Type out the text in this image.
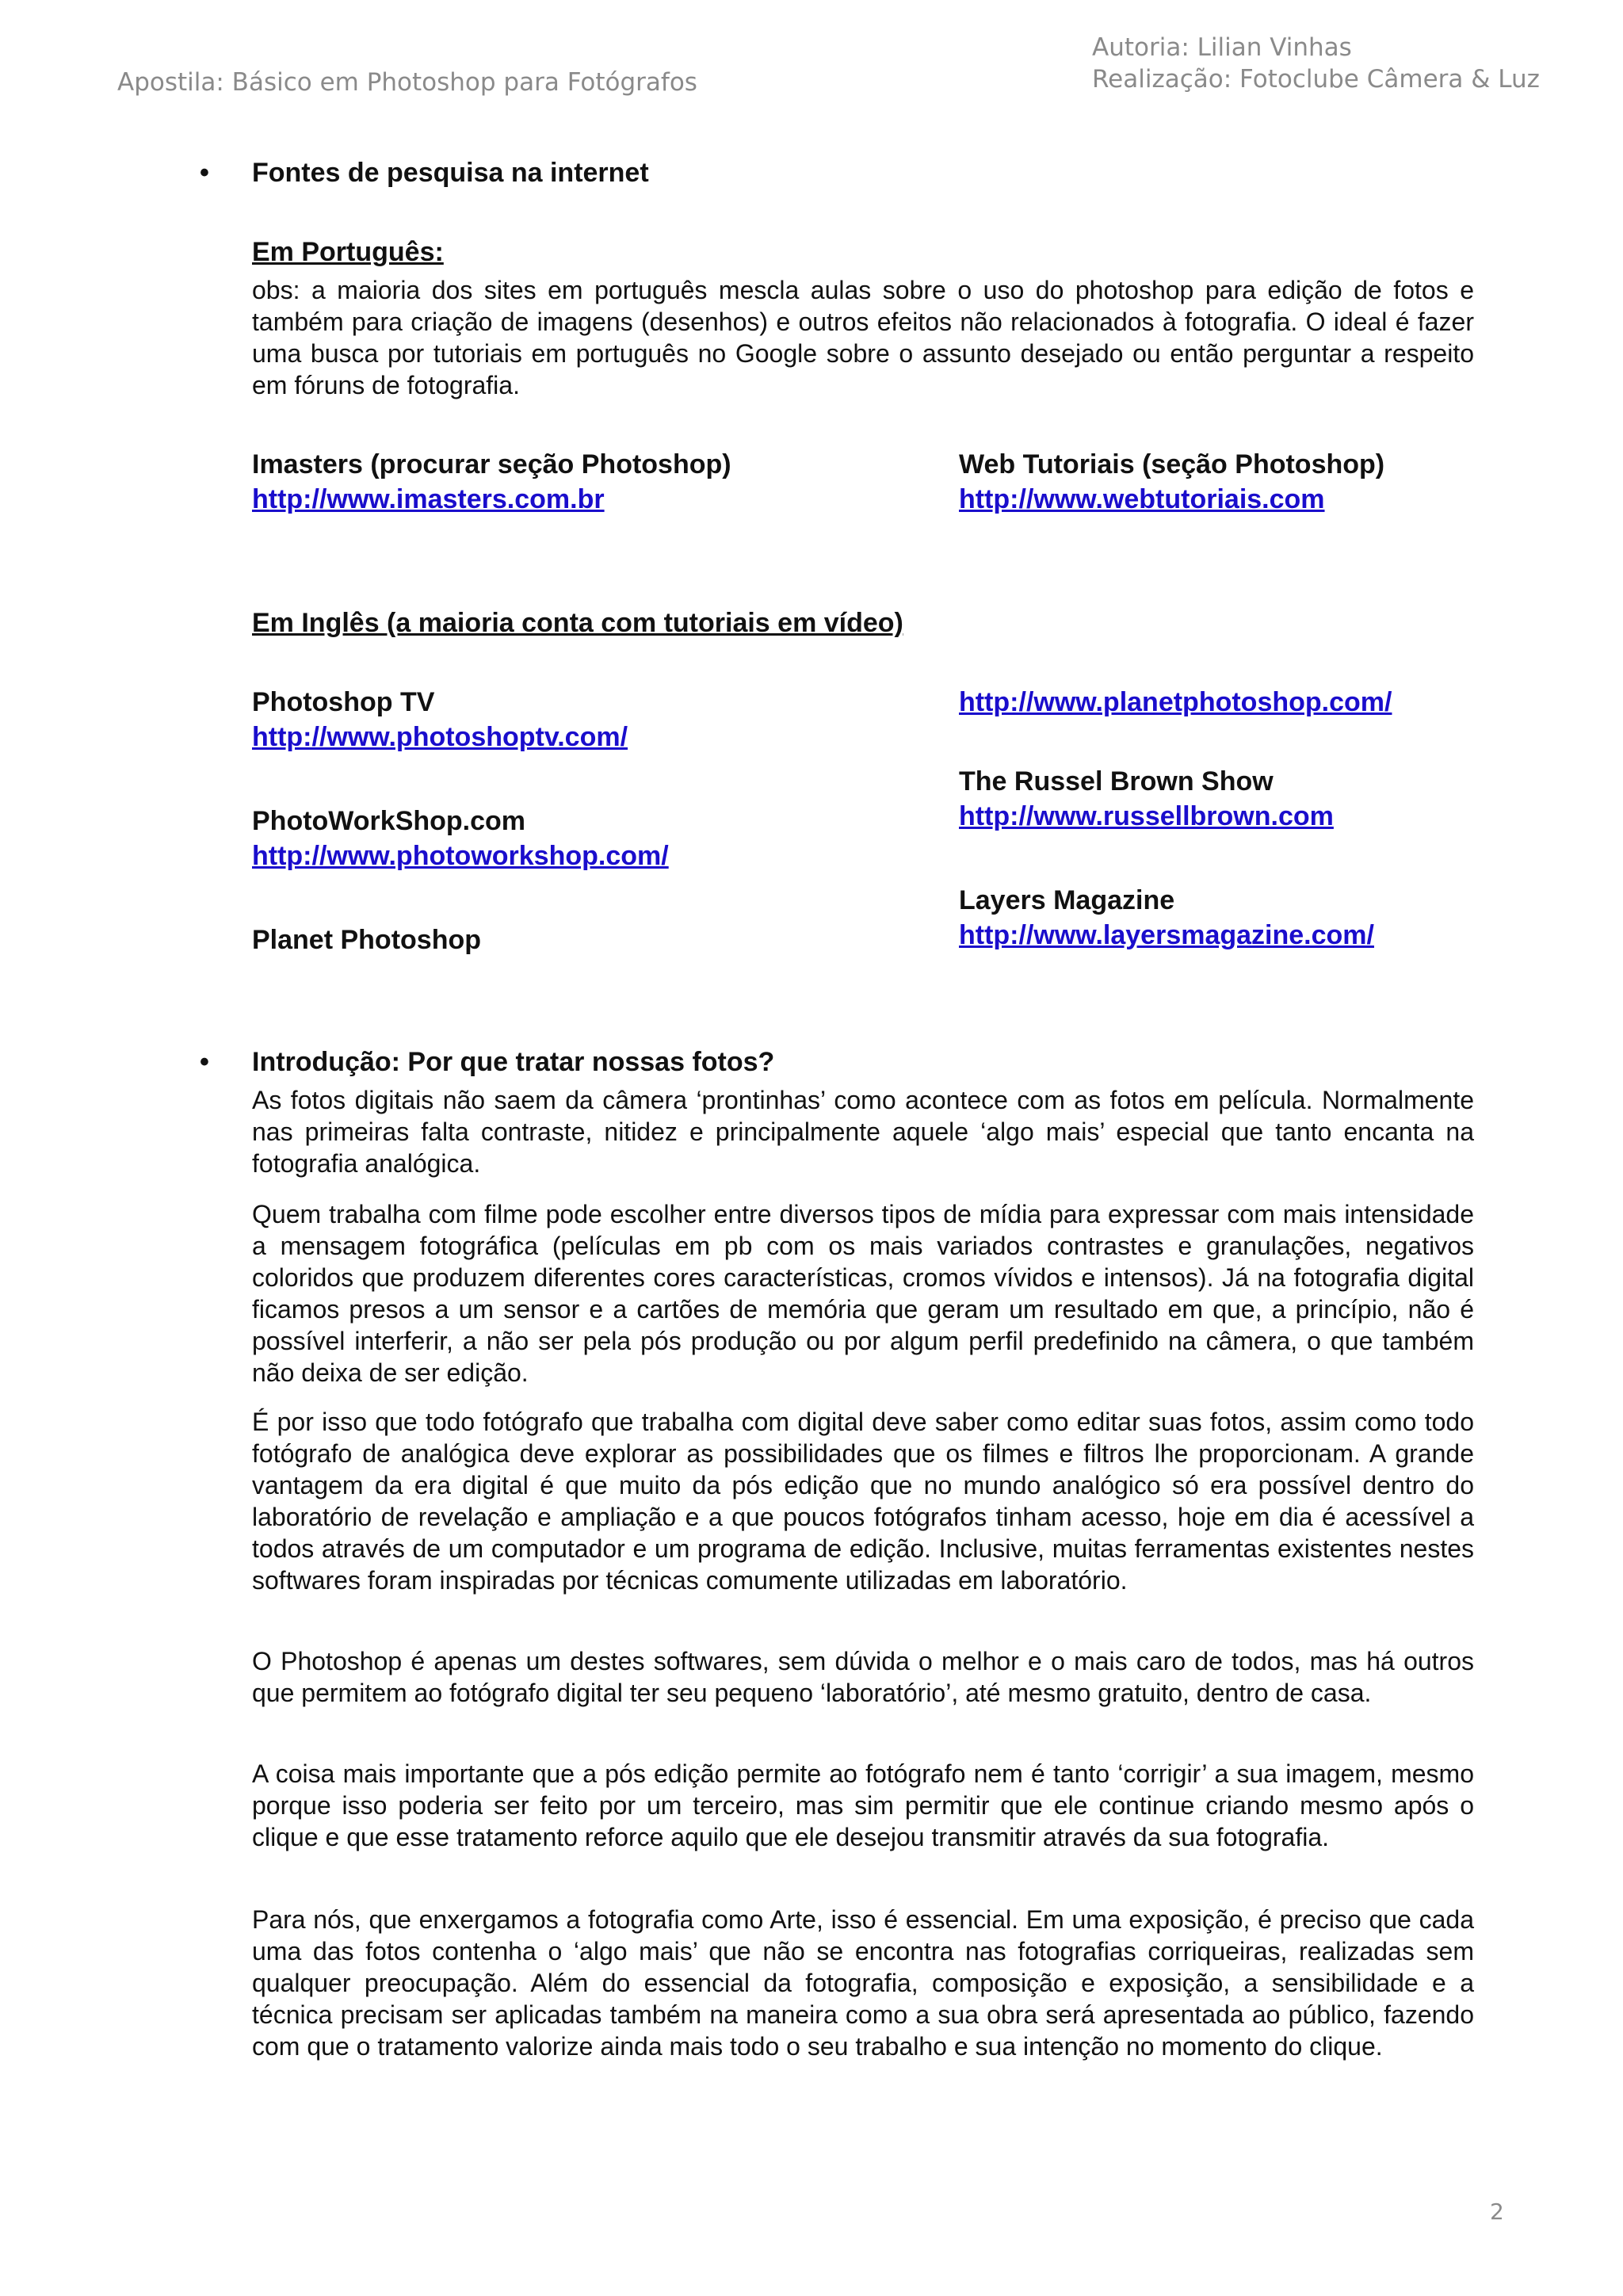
Apostila: Básico em Photoshop para Fotógrafos
Autoria: Lilian Vinhas
Realização: Fotoclube Câmera & Luz
• Fontes de pesquisa na internet
Em Português:

obs: a maioria dos sites em português mescla aulas sobre o uso do photoshop para edição de fotos e também para criação de imagens (desenhos) e outros efeitos não relacionados à fotografia. O ideal é fazer uma busca por tutoriais em português no Google sobre o assunto desejado ou então perguntar a respeito em fóruns de fotografia.

Imasters (procurar seção Photoshop)
http://www.imasters.com.br
Web Tutoriais (seção Photoshop)
http://www.webtutoriais.com
Em Inglês (a maioria conta com tutoriais em vídeo)
Photoshop TV
http://www.photoshoptv.com/
PhotoWorkShop.com
http://www.photoworkshop.com/
Planet Photoshop
http://www.planetphotoshop.com/
The Russel Brown Show
http://www.russellbrown.com
Layers Magazine
http://www.layersmagazine.com/
• Introdução: Por que tratar nossas fotos?

As fotos digitais não saem da câmera ‘prontinhas’ como acontece com as fotos em película. Normalmente nas primeiras falta contraste, nitidez e principalmente aquele ‘algo mais’ especial que tanto encanta na fotografia analógica.

Quem trabalha com filme pode escolher entre diversos tipos de mídia para expressar com mais intensidade a mensagem fotográfica (películas em pb com os mais variados contrastes e granulações, negativos coloridos que produzem diferentes cores características, cromos vívidos e intensos). Já na fotografia digital ficamos presos a um sensor e a cartões de memória que geram um resultado em que, a princípio, não é possível interferir, a não ser pela pós produção ou por algum perfil predefinido na câmera, o que também não deixa de ser edição.

É por isso que todo fotógrafo que trabalha com digital deve saber como editar suas fotos, assim como todo fotógrafo de analógica deve explorar as possibilidades que os filmes e filtros lhe proporcionam. A grande vantagem da era digital é que muito da pós edição que no mundo analógico só era possível dentro do laboratório de revelação e ampliação e a que poucos fotógrafos tinham acesso, hoje em dia é acessível a todos através de um computador e um programa de edição. Inclusive, muitas ferramentas existentes nestes softwares foram inspiradas por técnicas comumente utilizadas em laboratório.

O Photoshop é apenas um destes softwares, sem dúvida o melhor e o mais caro de todos, mas há outros que permitem ao fotógrafo digital ter seu pequeno ‘laboratório’, até mesmo gratuito, dentro de casa.

A coisa mais importante que a pós edição permite ao fotógrafo nem é tanto ‘corrigir’ a sua imagem, mesmo porque isso poderia ser feito por um terceiro, mas sim permitir que ele continue criando mesmo após o clique e que esse tratamento reforce aquilo que ele desejou transmitir através da sua fotografia.

Para nós, que enxergamos a fotografia como Arte, isso é essencial. Em uma exposição, é preciso que cada uma das fotos contenha o ‘algo mais’ que não se encontra nas fotografias corriqueiras, realizadas sem qualquer preocupação. Além do essencial da fotografia, composição e exposição, a sensibilidade e a técnica precisam ser aplicadas também na maneira como a sua obra será apresentada ao público, fazendo com que o tratamento valorize ainda mais todo o seu trabalho e sua intenção no momento do clique.

2
